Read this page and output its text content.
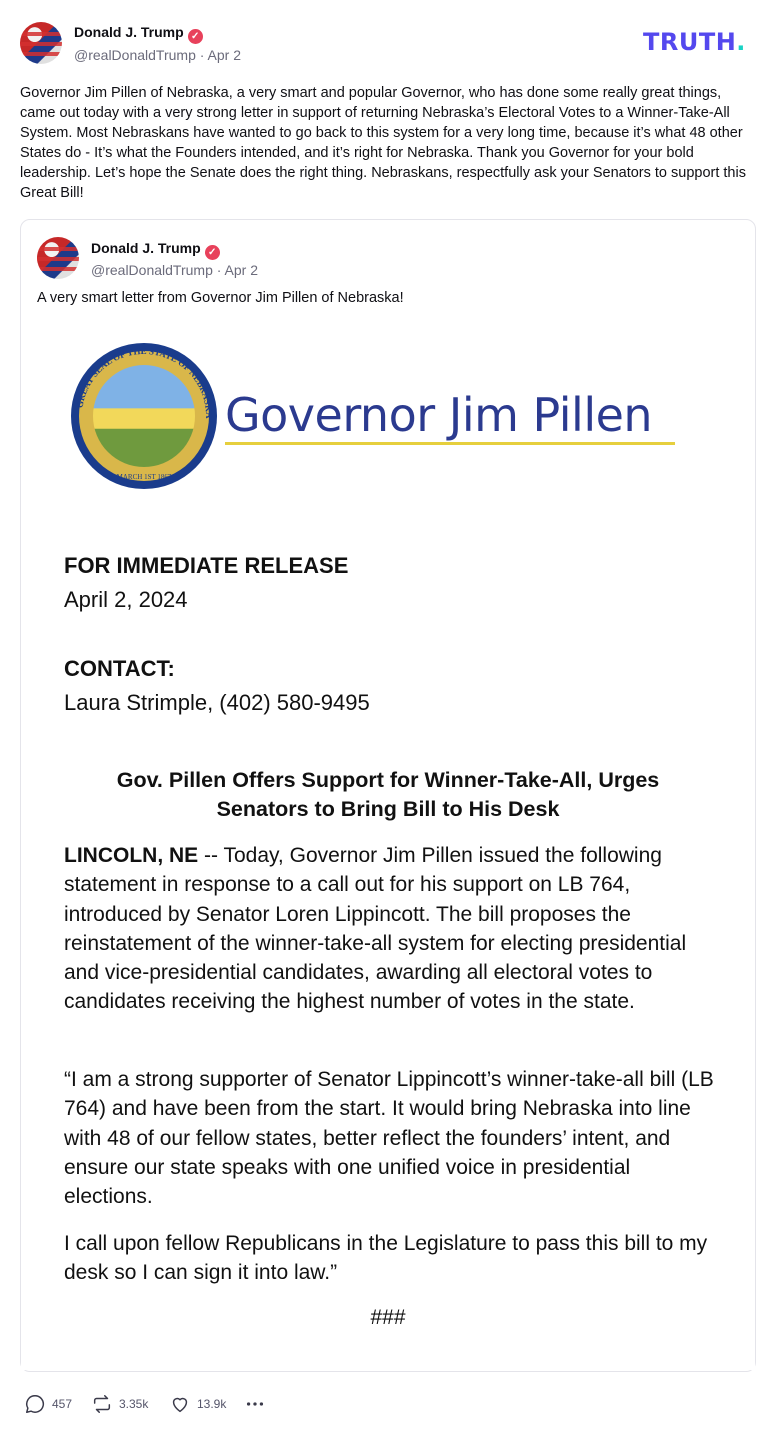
Donald J. Trump ✓
@realDonaldTrump · Apr 2	TRUTH.
Governor Jim Pillen of Nebraska, a very smart and popular Governor, who has done some really great things, came out today with a very strong letter in support of returning Nebraska’s Electoral Votes to a Winner-Take-All System. Most Nebraskans have wanted to go back to this system for a very long time, because it’s what 48 other States do - It’s what the Founders intended, and it’s right for Nebraska. Thank you Governor for your bold leadership. Let’s hope the Senate does the right thing. Nebraskans, respectfully ask your Senators to support this Great Bill!
Donald J. Trump ✓
@realDonaldTrump · Apr 2
A very smart letter from Governor Jim Pillen of Nebraska!
GREAT SEAL OF THE STATE OF NEBRASKA
MARCH 1ST 1867
Governor Jim Pillen

FOR IMMEDIATE RELEASE

April 2, 2024

CONTACT:

Laura Strimple, (402) 580-9495

Gov. Pillen Offers Support for Winner-Take-All, Urges
Senators to Bring Bill to His Desk

LINCOLN, NE -- Today, Governor Jim Pillen issued the following statement in response to a call out for his support on LB 764, introduced by Senator Loren Lippincott. The bill proposes the reinstatement of the winner-take-all system for electing presidential and vice-presidential candidates, awarding all electoral votes to candidates receiving the highest number of votes in the state.

“I am a strong supporter of Senator Lippincott’s winner-take-all bill (LB 764) and have been from the start. It would bring Nebraska into line with 48 of our fellow states, better reflect the founders’ intent, and ensure our state speaks with one unified voice in presidential elections.

I call upon fellow Republicans in the Legislature to pass this bill to my desk so I can sign it into law.”

###

457	3.35k	13.9k
